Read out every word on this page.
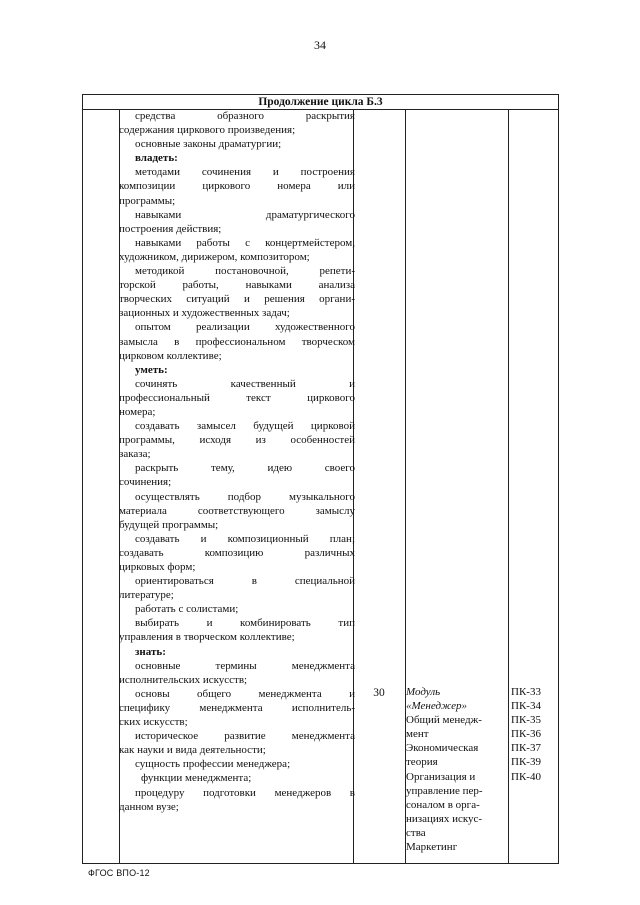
34
Продолжение цикла Б.3
средства образного раскрытия
содержания циркового произведения;
основные законы драматургии;
владеть:
методами сочинения и построения
композиции циркового номера или
программы;
навыками драматургического
построения действия;
навыками работы с концертмейстером,
художником, дирижером, композитором;
методикой постановочной, репети-
торской работы, навыками анализа
творческих ситуаций и решения органи-
зационных и художественных задач;
опытом реализации художественного
замысла в профессиональном творческом
цирковом коллективе;
уметь:
сочинять качественный и
профессиональный текст циркового
номера;
создавать замысел будущей цирковой
программы, исходя из особенностей
заказа;
раскрыть тему, идею своего
сочинения;
осуществлять подбор музыкального
материала соответствующего замыслу
будущей программы;
создавать и композиционный план;
создавать композицию различных
цирковых форм;
ориентироваться в специальной
литературе;
работать с солистами;
выбирать и комбинировать тип
управления в творческом коллективе;
знать:
основные термины менеджмента
исполнительских искусств;
основы общего менеджмента и
специфику менеджмента исполнитель-
ских искусств;
историческое развитие менеджмента
как науки и вида деятельности;
сущность профессии менеджера;
функции менеджмента;
процедуру подготовки менеджеров в
данном вузе;
30	Модуль
«Менеджер»
Общий менедж-
мент
Экономическая
теория
Организация и
управление пер-
соналом в орга-
низациях искус-
ства
Маркетинг
ПК-33
ПК-34
ПК-35
ПК-36
ПК-37
ПК-39
ПК-40
ФГОС ВПО-12
